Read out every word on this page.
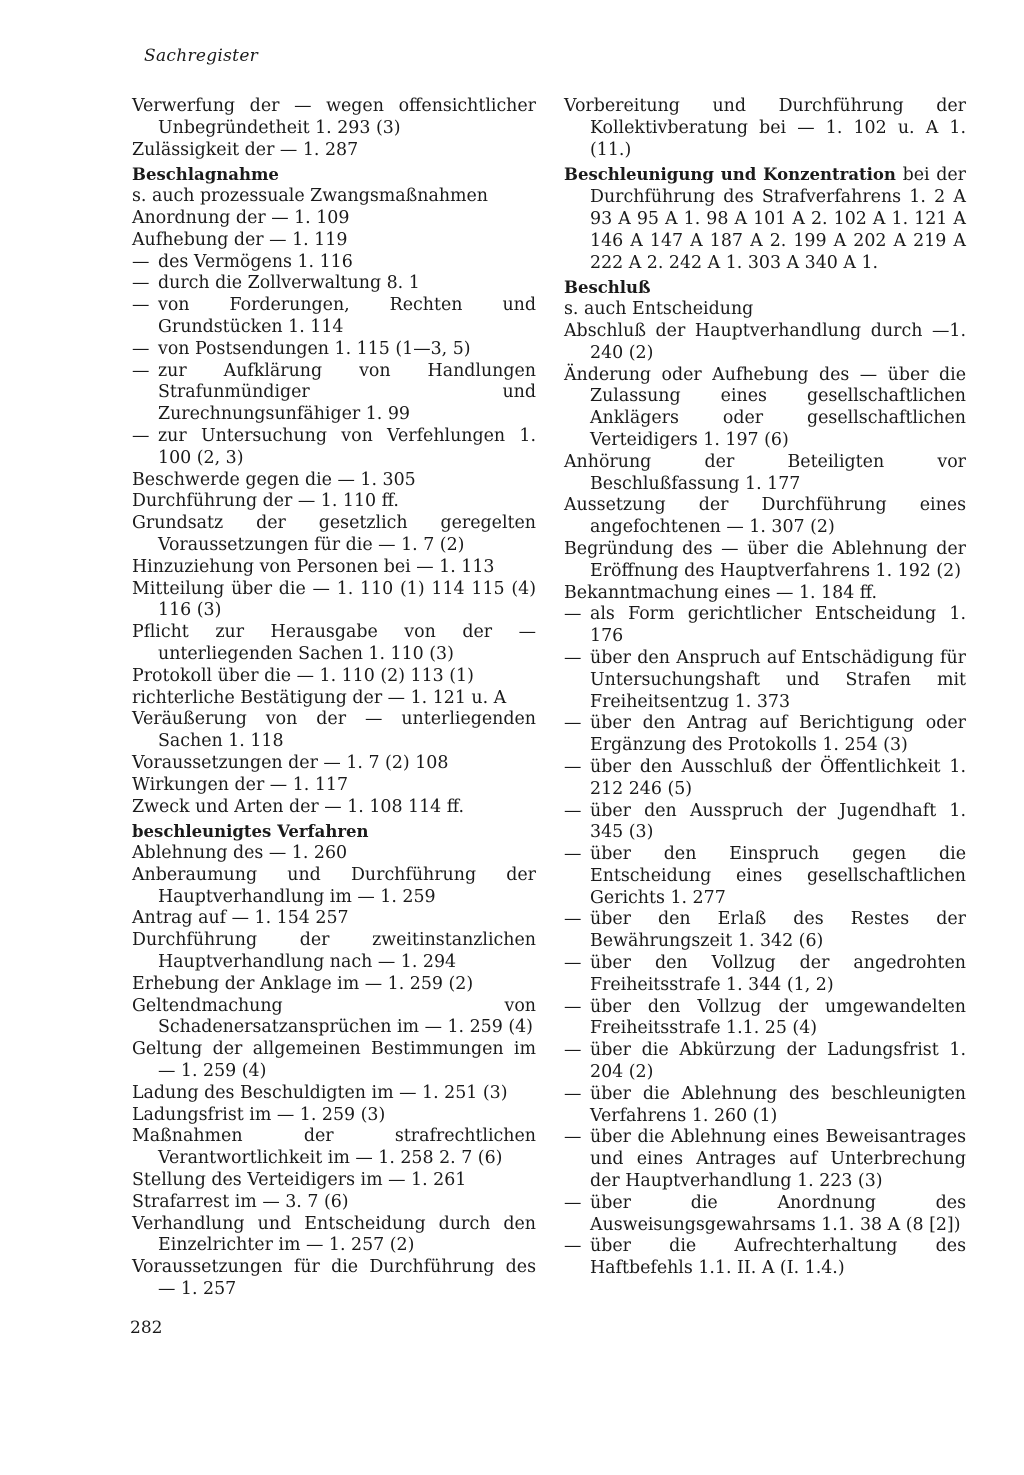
Sachregister
Verwerfung der — wegen offensichtlicher Unbegründetheit 1. 293 (3)
Zulässigkeit der — 1. 287
Beschlagnahme
s. auch prozessuale Zwangsmaßnahmen
Anordnung der — 1. 109
Aufhebung der — 1. 119
— des Vermögens 1. 116
— durch die Zollverwaltung 8. 1
— von Forderungen, Rechten und Grundstücken 1. 114
— von Postsendungen 1. 115 (1—3, 5)
— zur Aufklärung von Handlungen Strafunmündiger und Zurechnungsunfähiger 1. 99
— zur Untersuchung von Verfehlungen 1. 100 (2, 3)
Beschwerde gegen die — 1. 305
Durchführung der — 1. 110 ff.
Grundsatz der gesetzlich geregelten Voraussetzungen für die — 1. 7 (2)
Hinzuziehung von Personen bei — 1. 113
Mitteilung über die — 1. 110 (1) 114 115 (4) 116 (3)
Pflicht zur Herausgabe von der — unterliegenden Sachen 1. 110 (3)
Protokoll über die — 1. 110 (2) 113 (1)
richterliche Bestätigung der — 1. 121 u. A
Veräußerung von der — unterliegenden Sachen 1. 118
Voraussetzungen der — 1. 7 (2) 108
Wirkungen der — 1. 117
Zweck und Arten der — 1. 108 114 ff.
beschleunigtes Verfahren
Ablehnung des — 1. 260
Anberaumung und Durchführung der Hauptverhandlung im — 1. 259
Antrag auf — 1. 154 257
Durchführung der zweitinstanzlichen Hauptverhandlung nach — 1. 294
Erhebung der Anklage im — 1. 259 (2)
Geltendmachung von Schadenersatzansprüchen im — 1. 259 (4)
Geltung der allgemeinen Bestimmungen im — 1. 259 (4)
Ladung des Beschuldigten im — 1. 251 (3)
Ladungsfrist im — 1. 259 (3)
Maßnahmen der strafrechtlichen Verantwortlichkeit im — 1. 258 2. 7 (6)
Stellung des Verteidigers im — 1. 261
Strafarrest im — 3. 7 (6)
Verhandlung und Entscheidung durch den Einzelrichter im — 1. 257 (2)
Voraussetzungen für die Durchführung des — 1. 257
Vorbereitung und Durchführung der Kollektivberatung bei — 1. 102 u. A 1. (11.)
Beschleunigung und Konzentration bei der Durchführung des Strafverfahrens 1. 2 A 93 A 95 A 1. 98 A 101 A 2. 102 A 1. 121 A 146 A 147 A 187 A 2. 199 A 202 A 219 A 222 A 2. 242 A 1. 303 A 340 A 1.
Beschluß
s. auch Entscheidung
Abschluß der Hauptverhandlung durch —1. 240 (2)
Änderung oder Aufhebung des — über die Zulassung eines gesellschaftlichen Anklägers oder gesellschaftlichen Verteidigers 1. 197 (6)
Anhörung der Beteiligten vor Beschlußfassung 1. 177
Aussetzung der Durchführung eines angefochtenen — 1. 307 (2)
Begründung des — über die Ablehnung der Eröffnung des Hauptverfahrens 1. 192 (2)
Bekanntmachung eines — 1. 184 ff.
— als Form gerichtlicher Entscheidung 1. 176
— über den Anspruch auf Entschädigung für Untersuchungshaft und Strafen mit Freiheitsentzug 1. 373
— über den Antrag auf Berichtigung oder Ergänzung des Protokolls 1. 254 (3)
— über den Ausschluß der Öffentlichkeit 1. 212 246 (5)
— über den Ausspruch der Jugendhaft 1. 345 (3)
— über den Einspruch gegen die Entscheidung eines gesellschaftlichen Gerichts 1. 277
— über den Erlaß des Restes der Bewährungszeit 1. 342 (6)
— über den Vollzug der angedrohten Freiheitsstrafe 1. 344 (1, 2)
— über den Vollzug der umgewandelten Freiheitsstrafe 1.1. 25 (4)
— über die Abkürzung der Ladungsfrist 1. 204 (2)
— über die Ablehnung des beschleunigten Verfahrens 1. 260 (1)
— über die Ablehnung eines Beweisantrages und eines Antrages auf Unterbrechung der Hauptverhandlung 1. 223 (3)
— über die Anordnung des Ausweisungsgewahrsams 1.1. 38 A (8 [2])
— über die Aufrechterhaltung des Haftbefehls 1.1. II. A (I. 1.4.)
282
